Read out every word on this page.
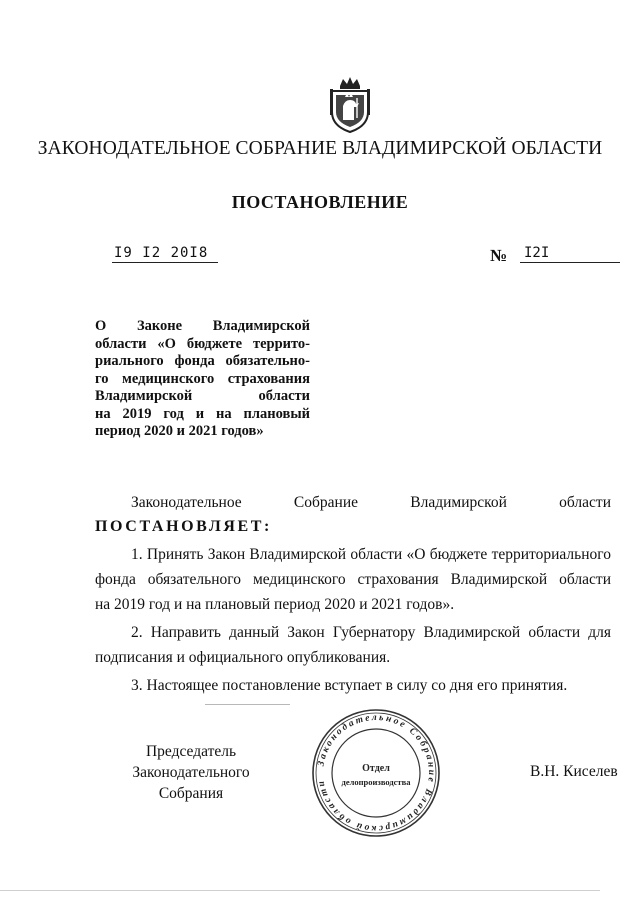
ЗАКОНОДАТЕЛЬНОЕ СОБРАНИЕ ВЛАДИМИРСКОЙ ОБЛАСТИ
ПОСТАНОВЛЕНИЕ
I9 I2 20I8	№ I2I
О Законе Владимирской
области «О бюджете террито-
риального фонда обязательно-
го медицинского страхования
Владимирской области
на 2019 год и на плановый
период 2020 и 2021 годов»
Законодательное Собрание Владимирской области
ПОСТАНОВЛЯЕТ:
1. Принять Закон Владимирской области «О бюджете территориального
фонда обязательного медицинского страхования Владимирской области
на 2019 год и на плановый период 2020 и 2021 годов».
2. Направить данный Закон Губернатору Владимирской области для
подписания и официального опубликования.
3. Настоящее постановление вступает в силу со дня его принятия.
Председатель
Законодательного Собрания
Законодательное Собрание Владимирской области
Отдел
делопроизводства
В.Н. Киселев
